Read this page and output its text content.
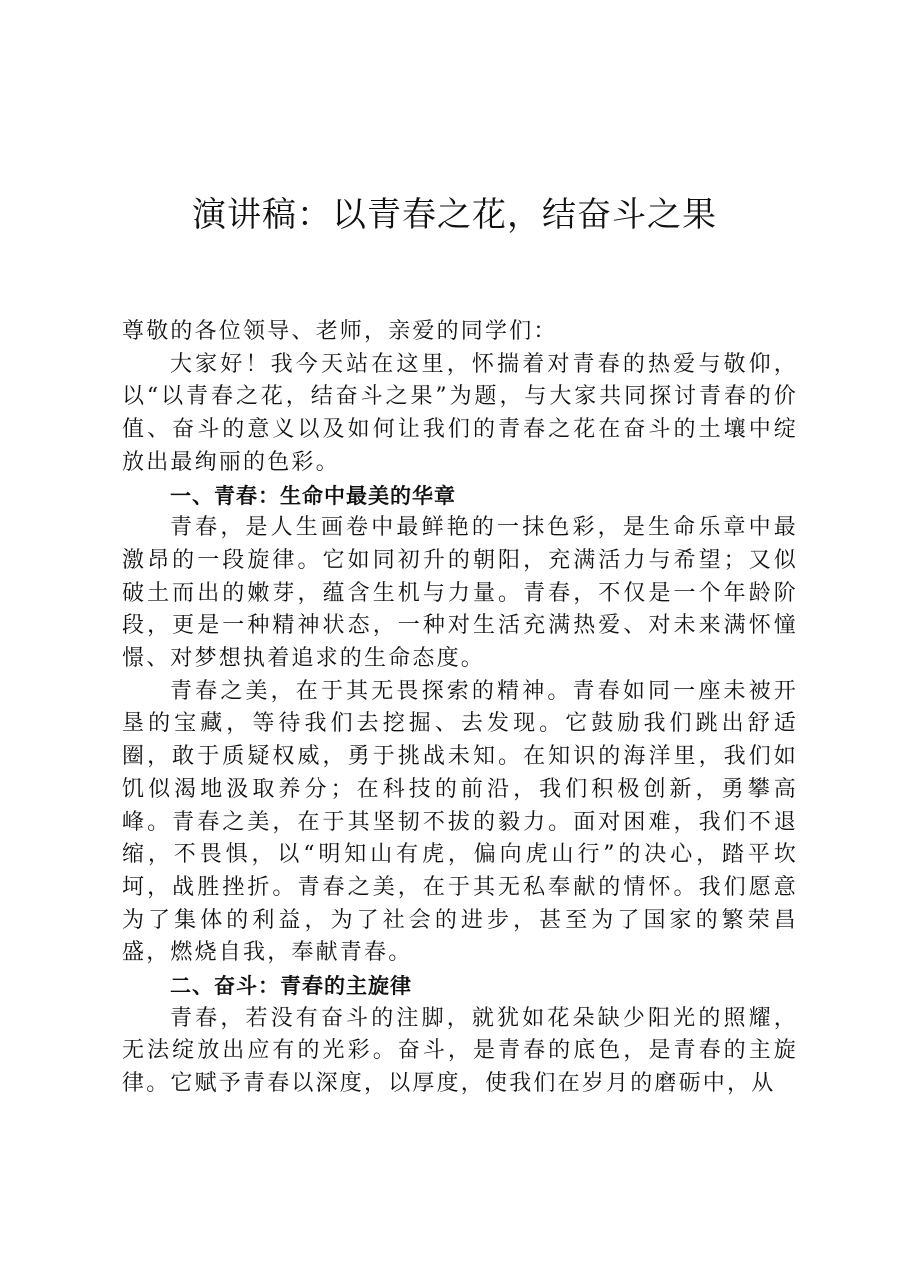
演讲稿：以青春之花，结奋斗之果

尊敬的各位领导、老师，亲爱的同学们：

大家好！我今天站在这里，怀揣着对青春的热爱与敬仰，以“以青春之花，结奋斗之果”为题，与大家共同探讨青春的价值、奋斗的意义以及如何让我们的青春之花在奋斗的土壤中绽放出最绚丽的色彩。

一、青春：生命中最美的华章

青春，是人生画卷中最鲜艳的一抹色彩，是生命乐章中最激昂的一段旋律。它如同初升的朝阳，充满活力与希望；又似破土而出的嫩芽，蕴含生机与力量。青春，不仅是一个年龄阶段，更是一种精神状态，一种对生活充满热爱、对未来满怀憧憬、对梦想执着追求的生命态度。

青春之美，在于其无畏探索的精神。青春如同一座未被开垦的宝藏，等待我们去挖掘、去发现。它鼓励我们跳出舒适圈，敢于质疑权威，勇于挑战未知。在知识的海洋里，我们如饥似渴地汲取养分；在科技的前沿，我们积极创新，勇攀高峰。青春之美，在于其坚韧不拔的毅力。面对困难，我们不退缩，不畏惧，以“明知山有虎，偏向虎山行”的决心，踏平坎坷，战胜挫折。青春之美，在于其无私奉献的情怀。我们愿意为了集体的利益，为了社会的进步，甚至为了国家的繁荣昌盛，燃烧自我，奉献青春。

二、奋斗：青春的主旋律

青春，若没有奋斗的注脚，就犹如花朵缺少阳光的照耀，无法绽放出应有的光彩。奋斗，是青春的底色，是青春的主旋律。它赋予青春以深度，以厚度，使我们在岁月的磨砺中，从
